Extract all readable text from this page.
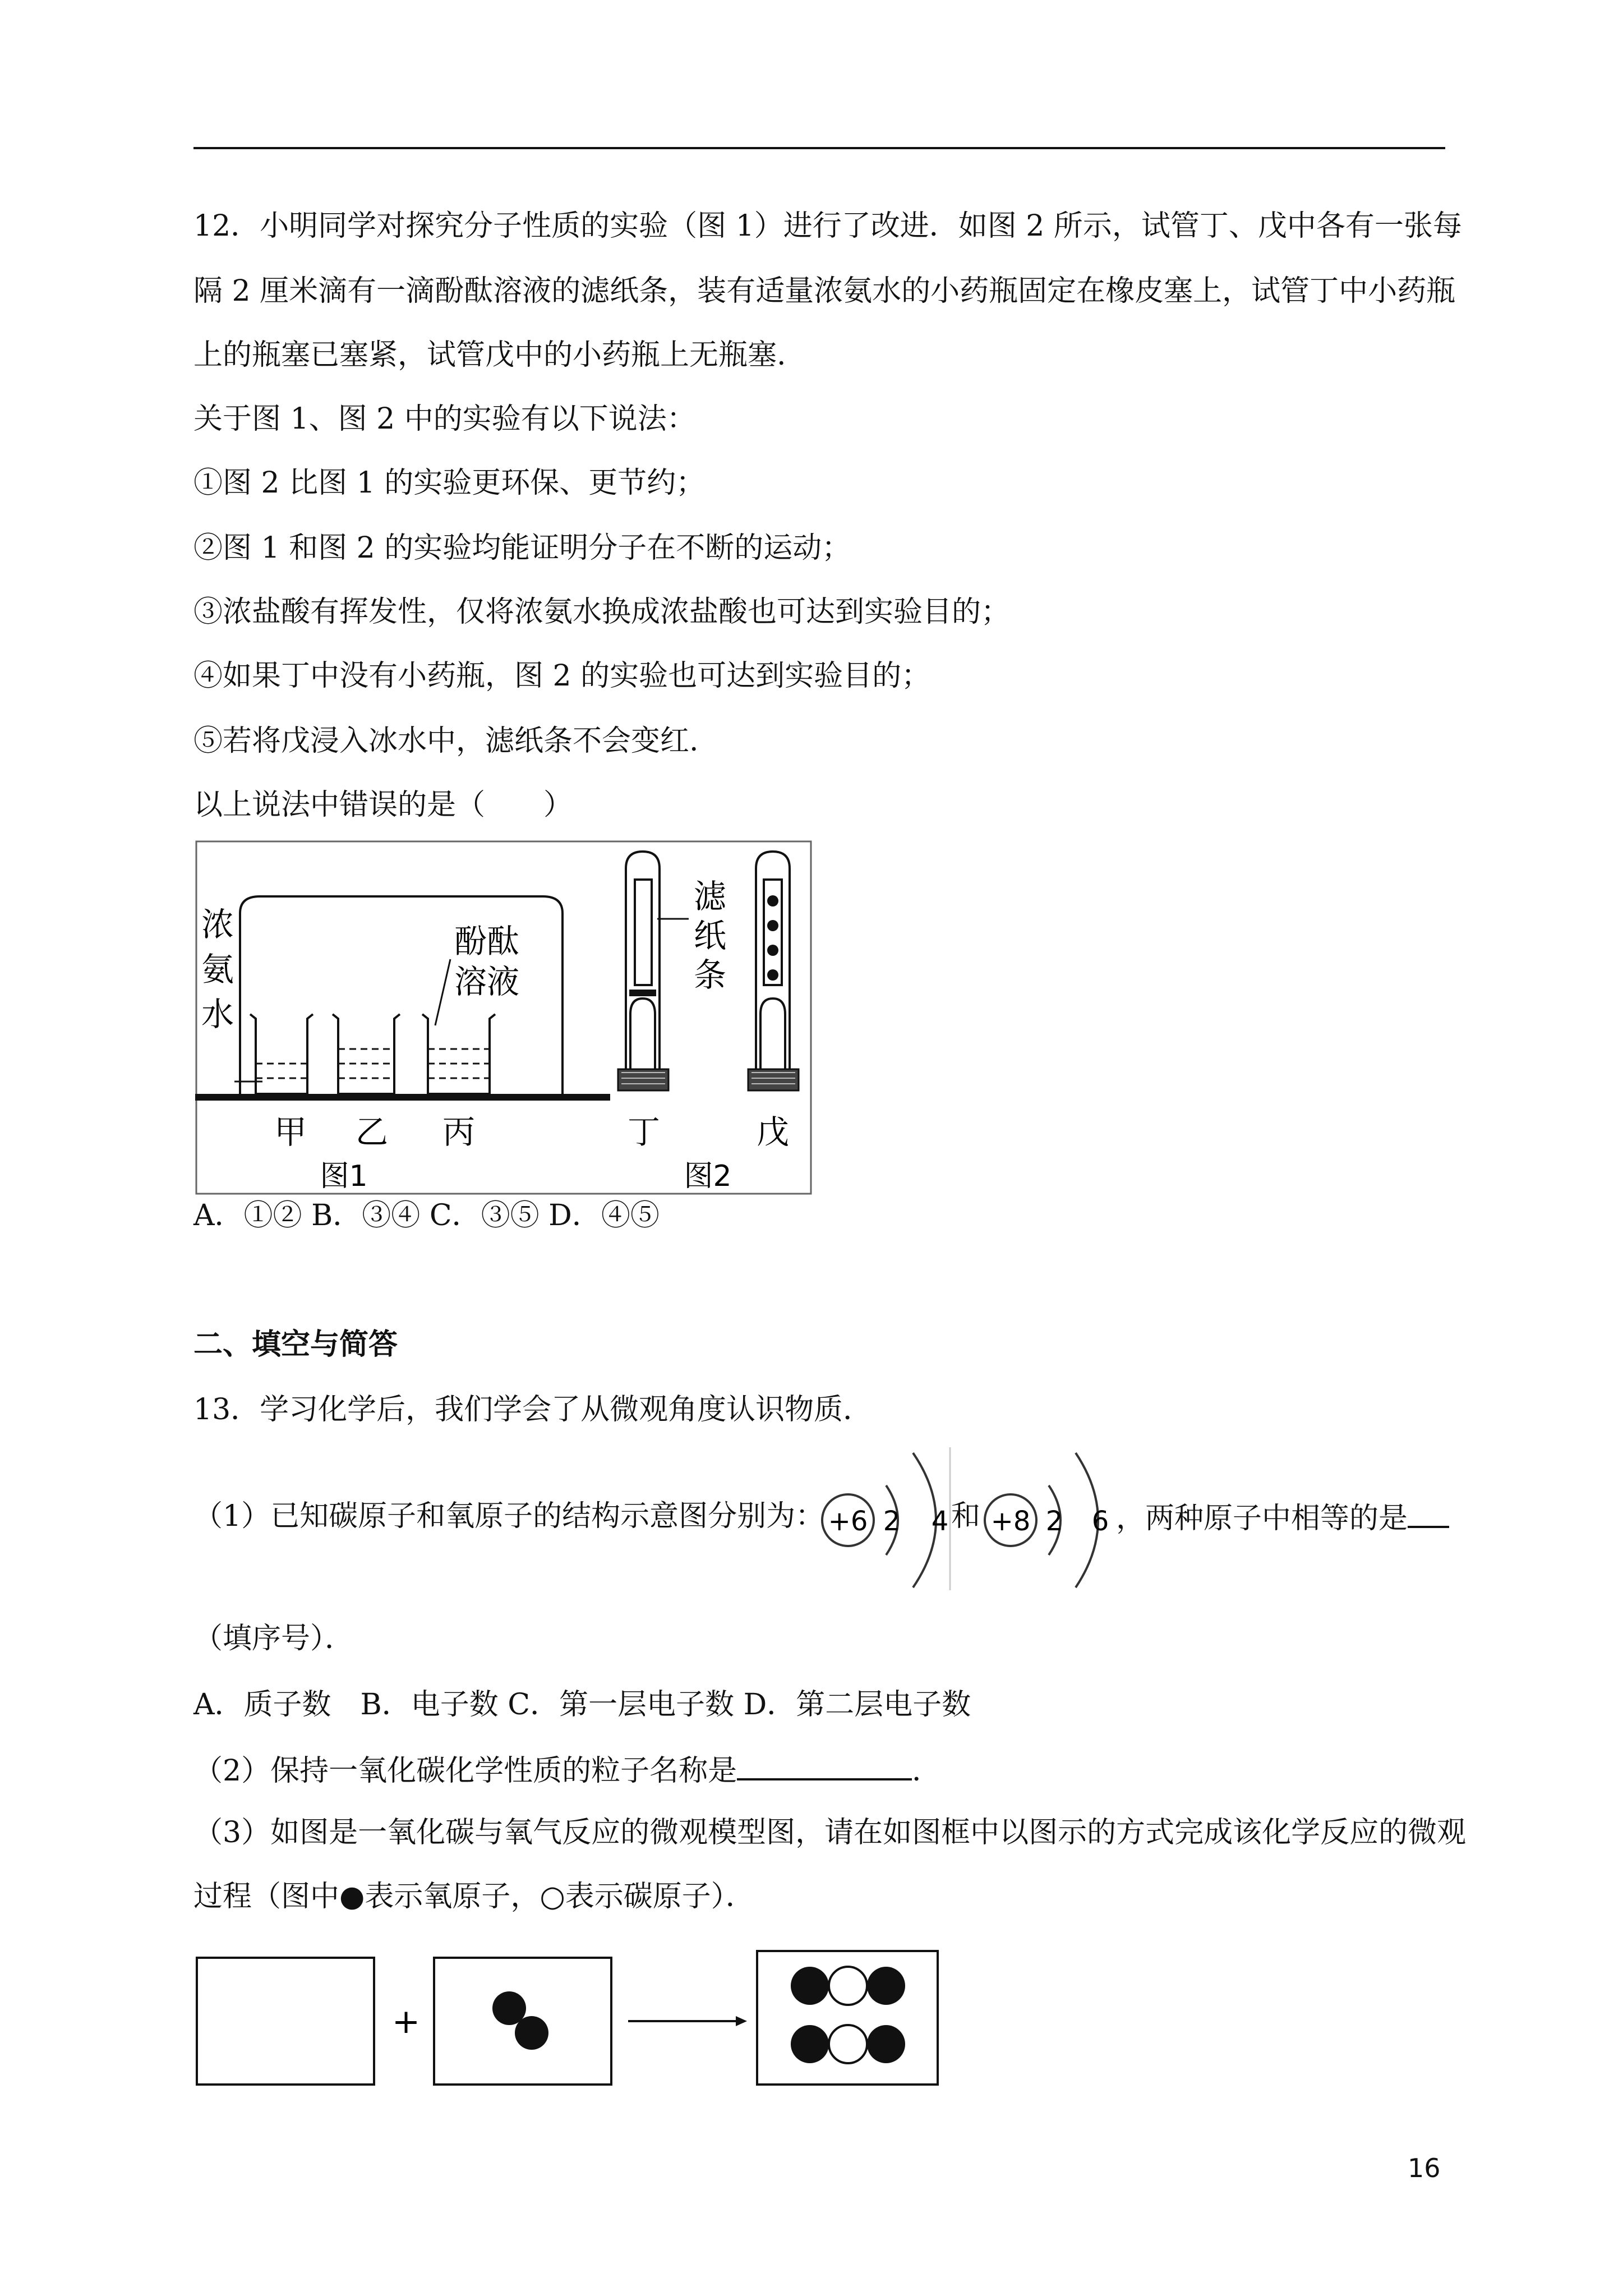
12．小明同学对探究分子性质的实验（图 1）进行了改进．如图 2 所示，试管丁、戊中各有一张每
隔 2 厘米滴有一滴酚酞溶液的滤纸条，装有适量浓氨水的小药瓶固定在橡皮塞上，试管丁中小药瓶
上的瓶塞已塞紧，试管戊中的小药瓶上无瓶塞.
关于图 1、图 2 中的实验有以下说法：
①图 2 比图 1 的实验更环保、更节约；
②图 1 和图 2 的实验均能证明分子在不断的运动；
③浓盐酸有挥发性，仅将浓氨水换成浓盐酸也可达到实验目的；
④如果丁中没有小药瓶，图 2 的实验也可达到实验目的；
⑤若将戊浸入冰水中，滤纸条不会变红.
以上说法中错误的是（　　）
浓
氨
水
酚酞
溶液
甲 乙 丙
图1
滤
纸
条
丁	戊
图2
A．①② B．③④ C．③⑤ D．④⑤
二、填空与简答
13．学习化学后，我们学会了从微观角度认识物质．
（1）已知碳原子和氧原子的结构示意图分别为： +6 2 4 和 +8 2 6 ，两种原子中相等的是
（填序号）．
A．质子数　B．电子数 C．第一层电子数 D．第二层电子数
（2）保持一氧化碳化学性质的粒子名称是	．
（3）如图是一氧化碳与氧气反应的微观模型图，请在如图框中以图示的方式完成该化学反应的微观
过程（图中●表示氧原子，○表示碳原子）．
+
16
